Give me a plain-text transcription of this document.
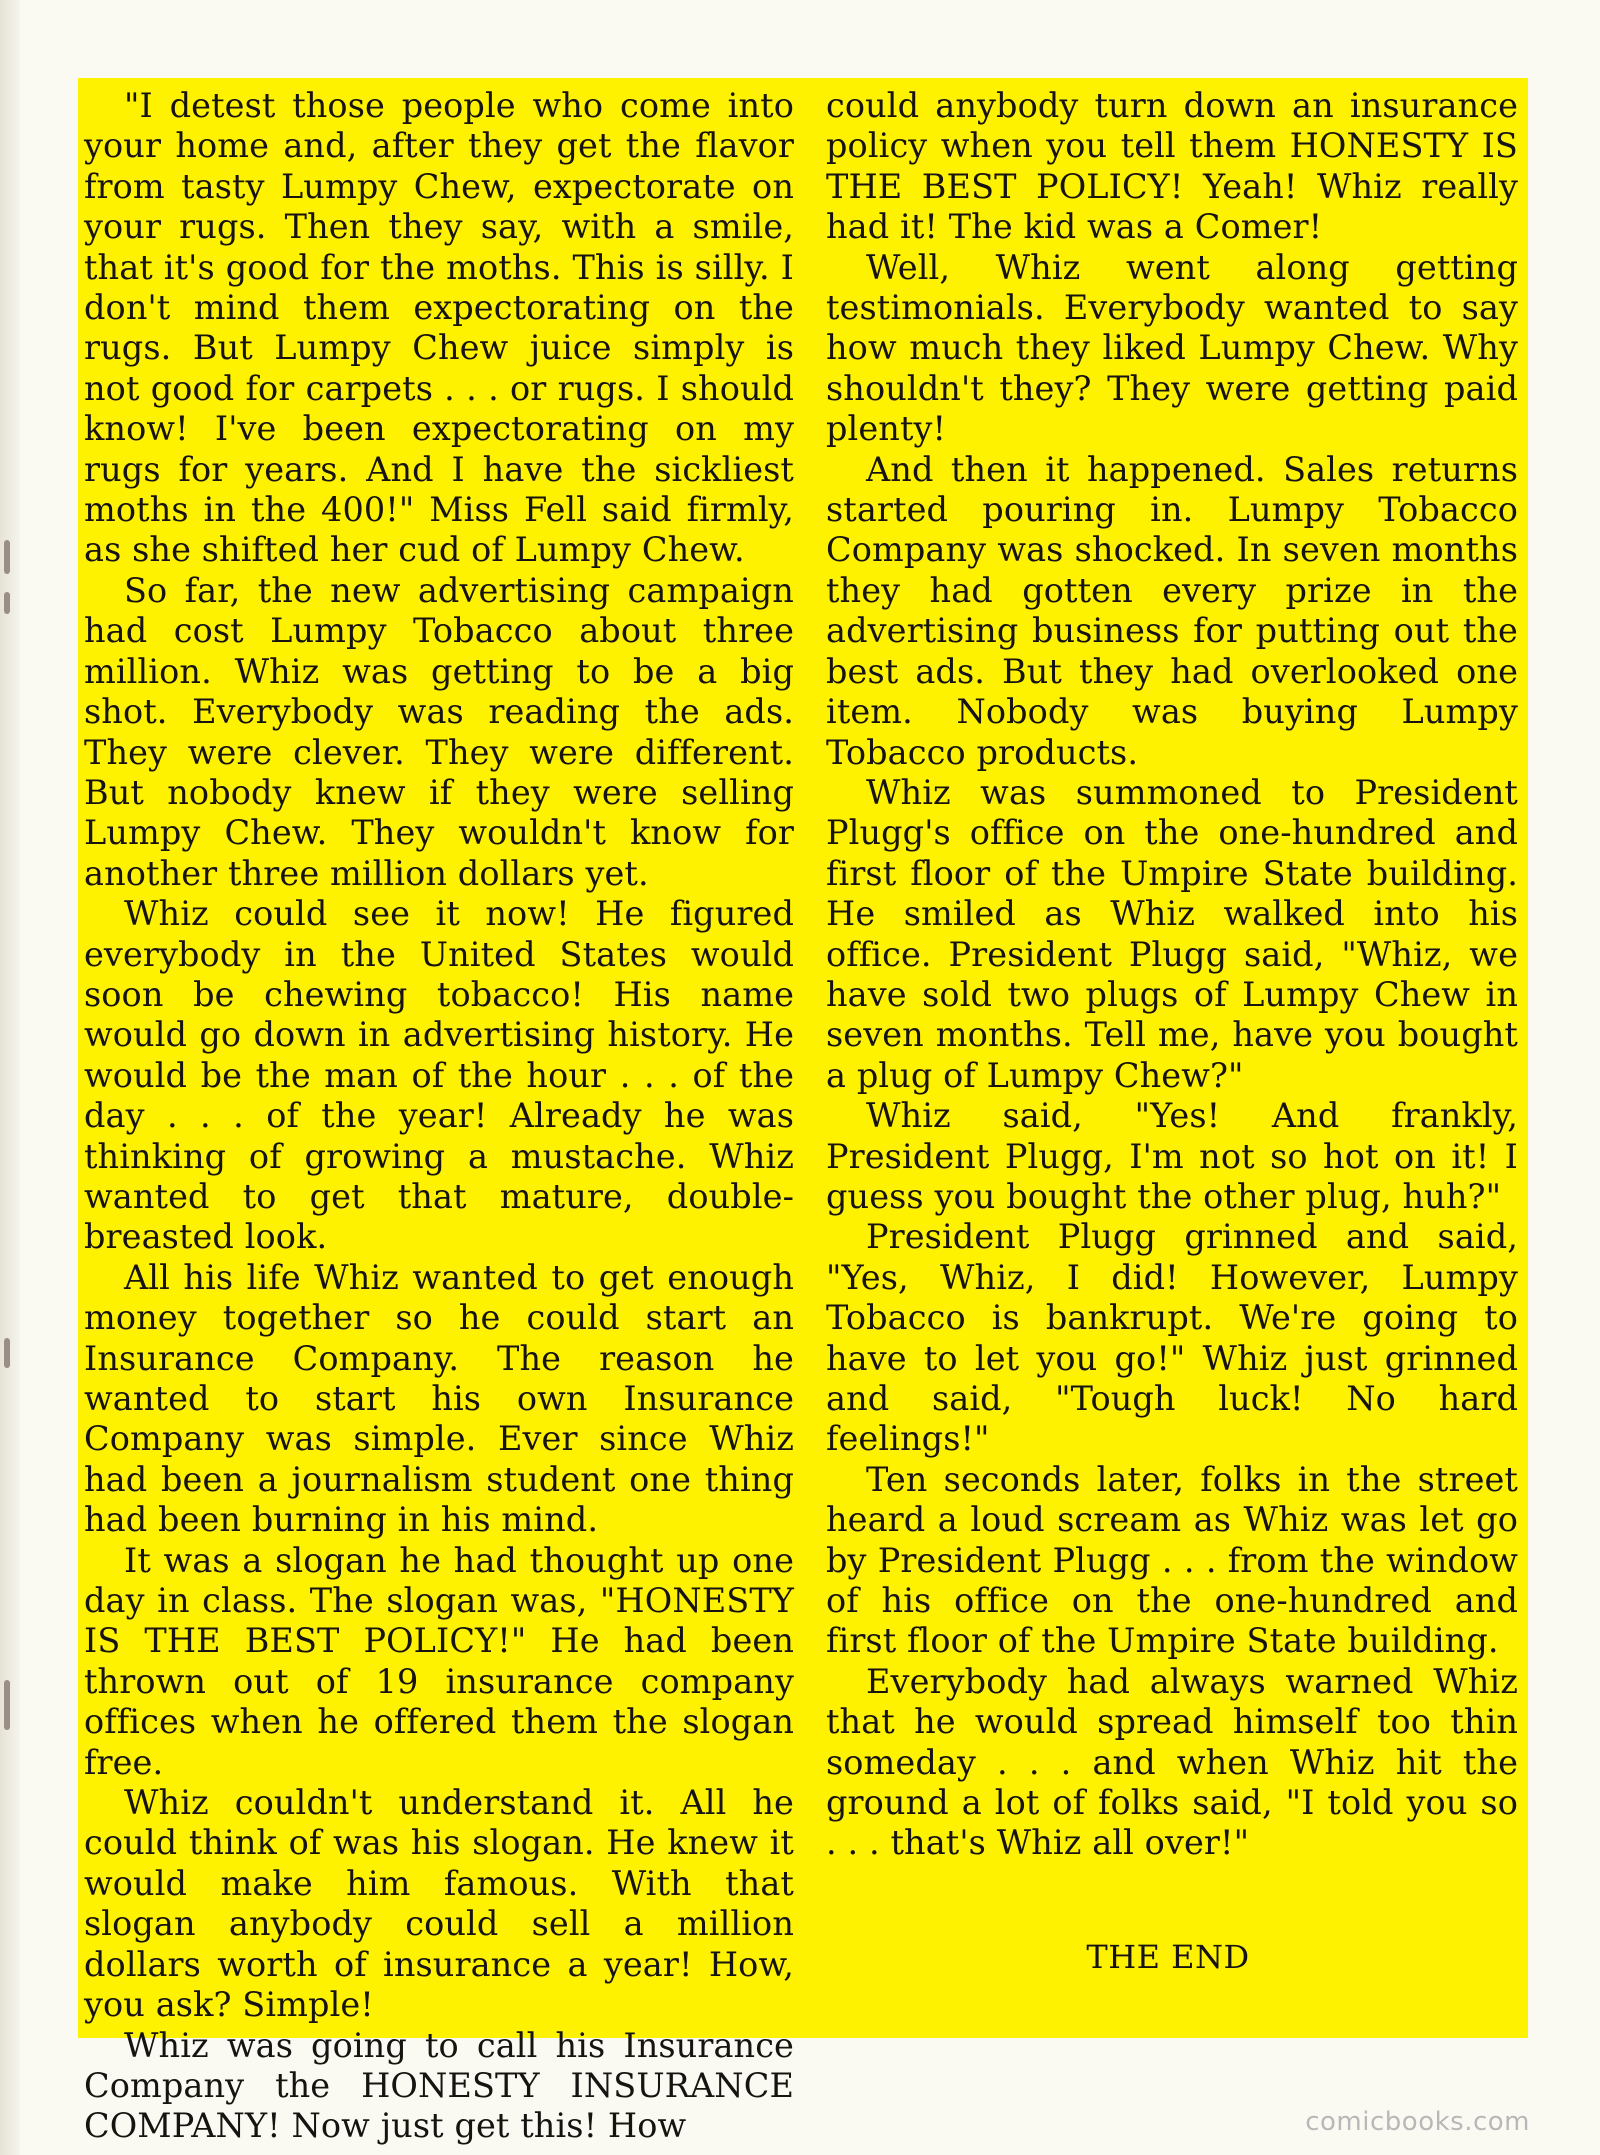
"I detest those people who come into your home and, after they get the flavor from tasty Lumpy Chew, expectorate on your rugs. Then they say, with a smile, that it's good for the moths. This is silly. I don't mind them expectorating on the rugs. But Lumpy Chew juice simply is not good for carpets . . . or rugs. I should know! I've been expectorating on my rugs for years. And I have the sickliest moths in the 400!" Miss Fell said firmly, as she shifted her cud of Lumpy Chew.

So far, the new advertising campaign had cost Lumpy Tobacco about three million. Whiz was getting to be a big shot. Everybody was reading the ads. They were clever. They were different. But nobody knew if they were selling Lumpy Chew. They wouldn't know for another three million dollars yet.

Whiz could see it now! He figured everybody in the United States would soon be chewing tobacco! His name would go down in advertising history. He would be the man of the hour . . . of the day . . . of the year! Already he was thinking of growing a mustache. Whiz wanted to get that mature, double-breasted look.

All his life Whiz wanted to get enough money together so he could start an Insurance Company. The reason he wanted to start his own Insurance Company was simple. Ever since Whiz had been a journalism student one thing had been burning in his mind.

It was a slogan he had thought up one day in class. The slogan was, "HONESTY IS THE BEST POLICY!" He had been thrown out of 19 insurance company offices when he offered them the slogan free.

Whiz couldn't understand it. All he could think of was his slogan. He knew it would make him famous. With that slogan anybody could sell a million dollars worth of insurance a year! How, you ask? Simple!

Whiz was going to call his Insurance Company the HONESTY INSURANCE COMPANY! Now just get this! How

could anybody turn down an insurance policy when you tell them HONESTY IS THE BEST POLICY! Yeah! Whiz really had it! The kid was a Comer!

Well, Whiz went along getting testimonials. Everybody wanted to say how much they liked Lumpy Chew. Why shouldn't they? They were getting paid plenty!

And then it happened. Sales returns started pouring in. Lumpy Tobacco Company was shocked. In seven months they had gotten every prize in the advertising business for putting out the best ads. But they had overlooked one item. Nobody was buying Lumpy Tobacco products.

Whiz was summoned to President Plugg's office on the one-hundred and first floor of the Umpire State building. He smiled as Whiz walked into his office. President Plugg said, "Whiz, we have sold two plugs of Lumpy Chew in seven months. Tell me, have you bought a plug of Lumpy Chew?"

Whiz said, "Yes! And frankly, President Plugg, I'm not so hot on it! I guess you bought the other plug, huh?"

President Plugg grinned and said, "Yes, Whiz, I did! However, Lumpy Tobacco is bankrupt. We're going to have to let you go!" Whiz just grinned and said, "Tough luck! No hard feelings!"

Ten seconds later, folks in the street heard a loud scream as Whiz was let go by President Plugg . . . from the window of his office on the one-hundred and first floor of the Umpire State building.

Everybody had always warned Whiz that he would spread himself too thin someday . . . and when Whiz hit the ground a lot of folks said, "I told you so . . . that's Whiz all over!"

THE END
comicbooks.com
